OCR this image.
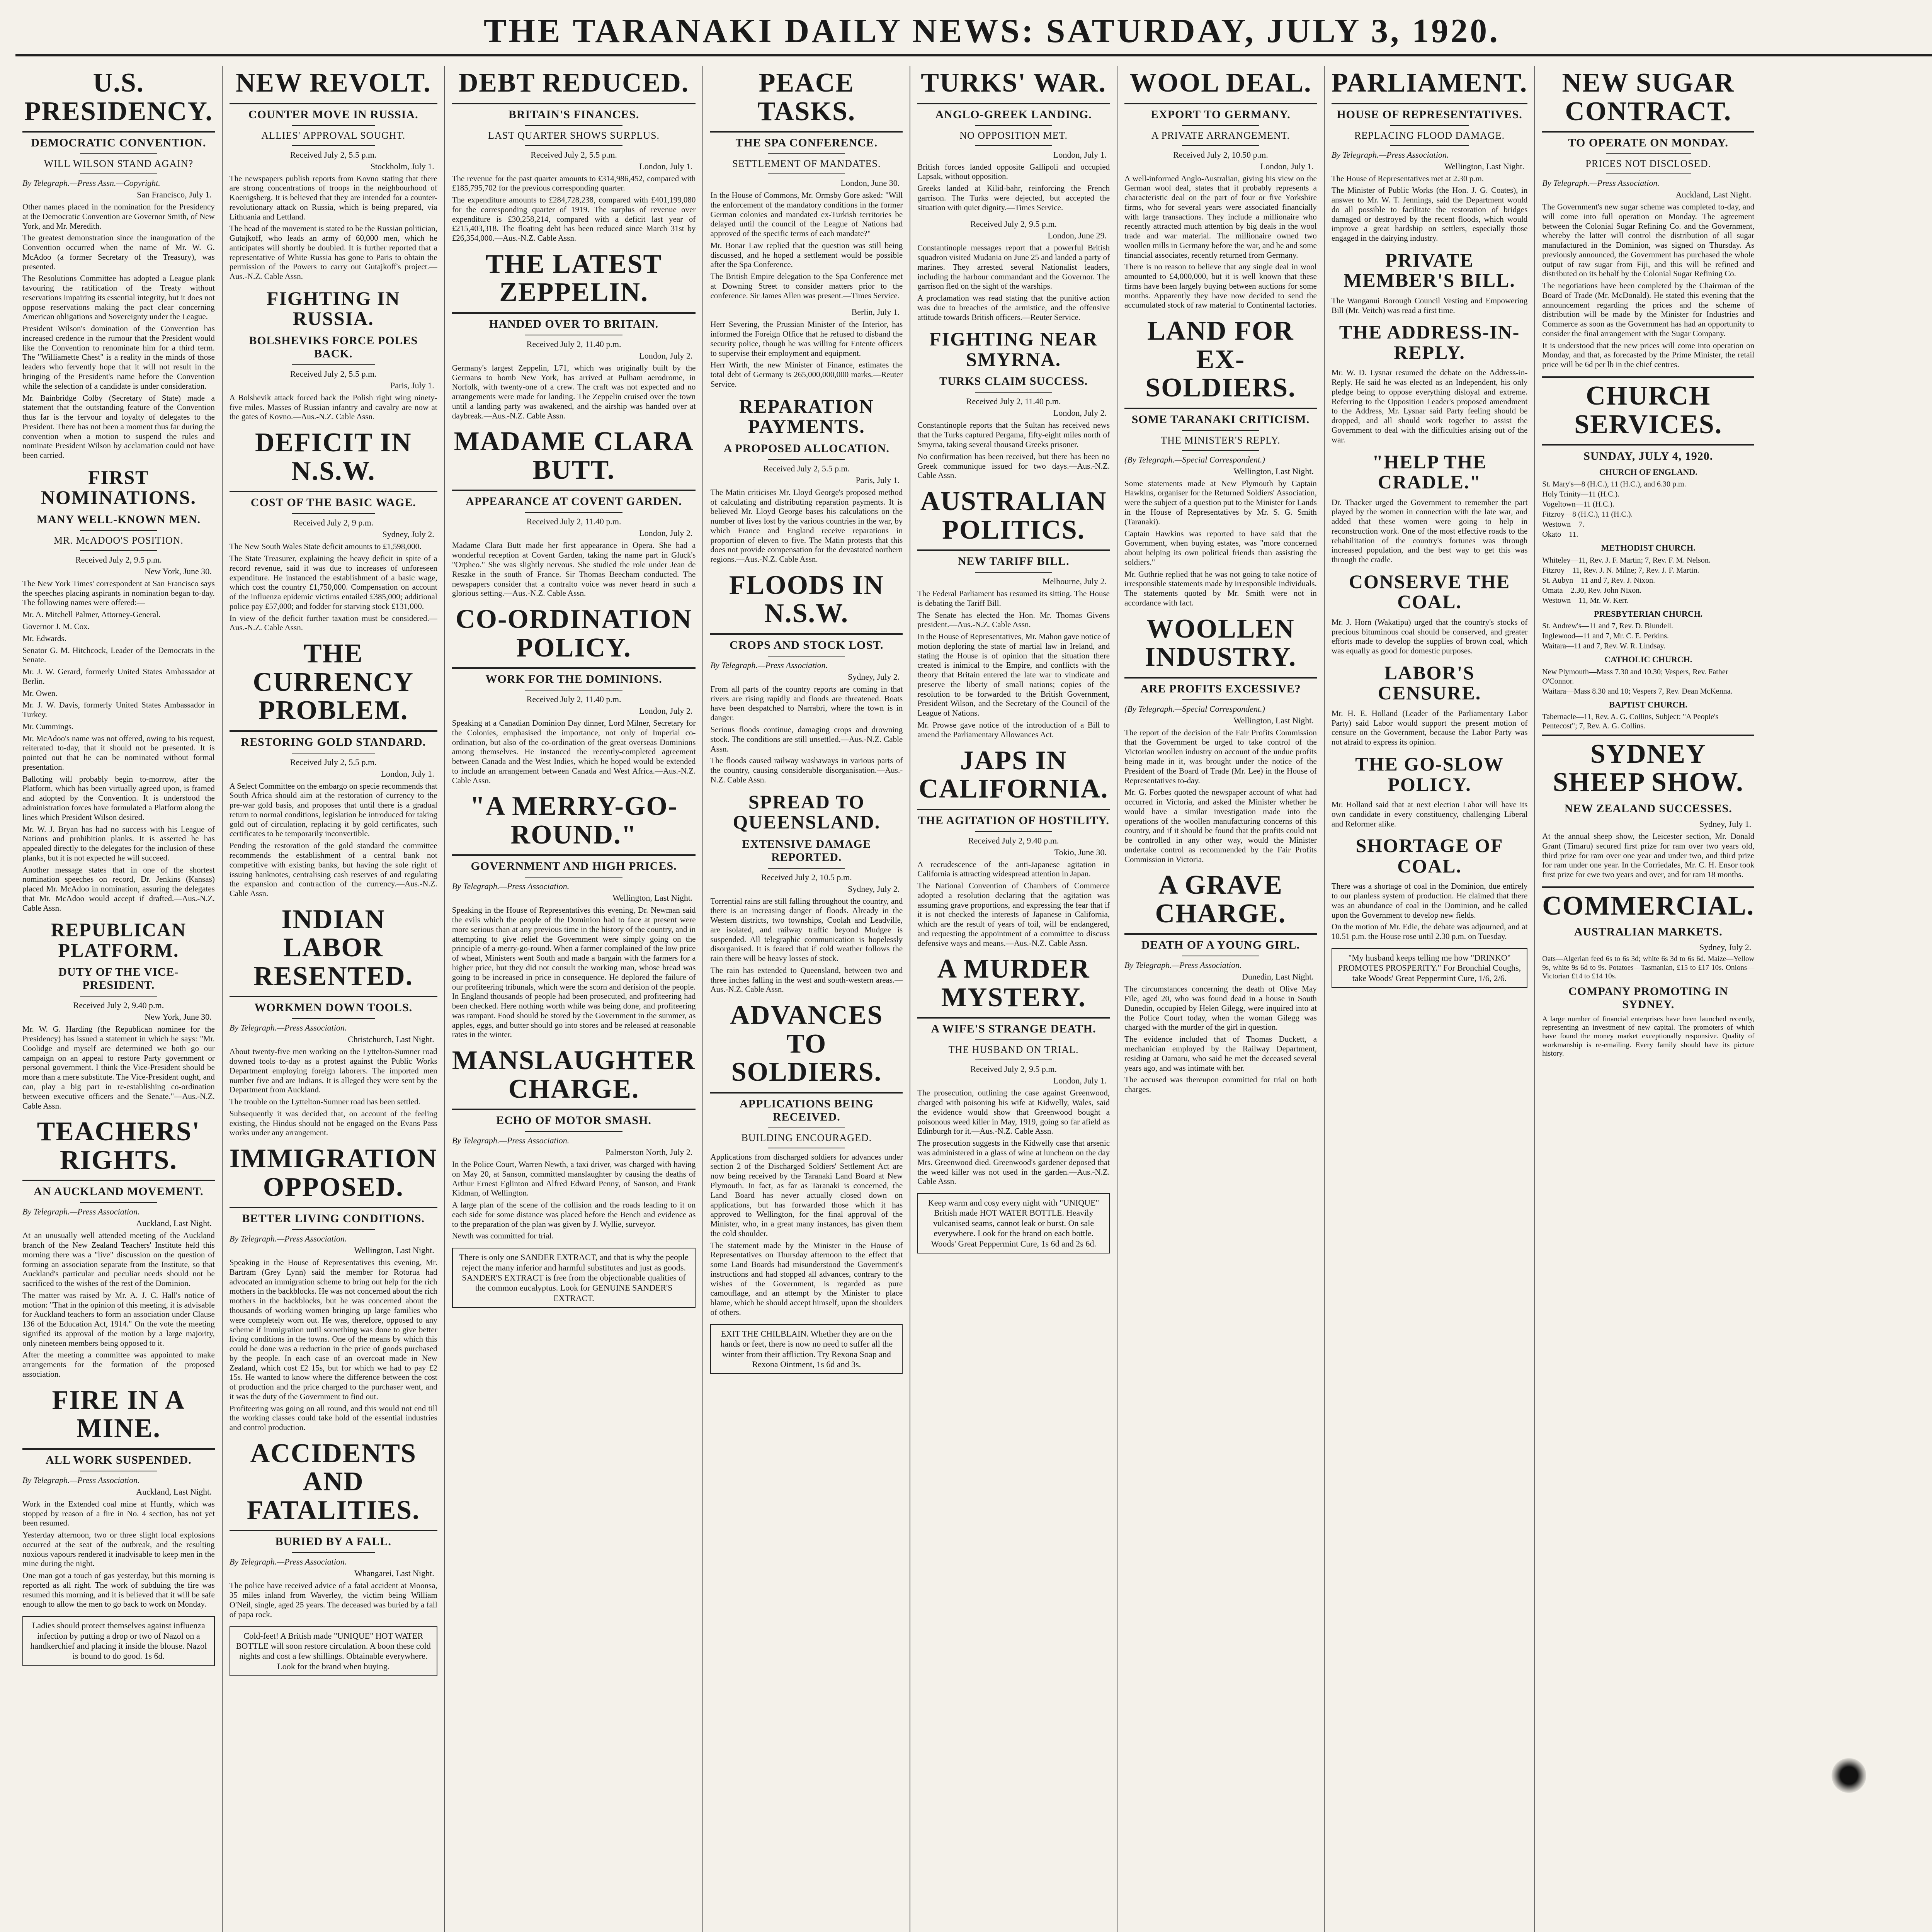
THE TARANAKI DAILY NEWS: SATURDAY, JULY 3, 1920.
U.S. PRESIDENCY.
DEMOCRATIC CONVENTION.
WILL WILSON STAND AGAIN?
By Telegraph.—Press Assn.—Copyright.
San Francisco, July 1.

Other names placed in the nomination for the Presidency at the Democratic Convention are Governor Smith, of New York, and Mr. Meredith.

The greatest demonstration since the inauguration of the Convention occurred when the name of Mr. W. G. McAdoo (a former Secretary of the Treasury), was presented.

The Resolutions Committee has adopted a League plank favouring the ratification of the Treaty without reservations impairing its essential integrity, but it does not oppose reservations making the pact clear concerning American obligations and Sovereignty under the League.

President Wilson's domination of the Convention has increased credence in the rumour that the President would like the Convention to renominate him for a third term. The "Williamette Chest" is a reality in the minds of those leaders who fervently hope that it will not result in the bringing of the President's name before the Convention while the selection of a candidate is under consideration.

Mr. Bainbridge Colby (Secretary of State) made a statement that the outstanding feature of the Convention thus far is the fervour and loyalty of delegates to the President. There has not been a moment thus far during the convention when a motion to suspend the rules and nominate President Wilson by acclamation could not have been carried.

FIRST NOMINATIONS.
MANY WELL-KNOWN MEN.
MR. McADOO'S POSITION.
Received July 2, 9.5 p.m.
New York, June 30.

The New York Times' correspondent at San Francisco says the speeches placing aspirants in nomination began to-day. The following names were offered:—

Mr. A. Mitchell Palmer, Attorney-General.

Governor J. M. Cox.

Mr. Edwards.

Senator G. M. Hitchcock, Leader of the Democrats in the Senate.

Mr. J. W. Gerard, formerly United States Ambassador at Berlin.

Mr. Owen.

Mr. J. W. Davis, formerly United States Ambassador in Turkey.

Mr. Cummings.

Mr. McAdoo's name was not offered, owing to his request, reiterated to-day, that it should not be presented. It is pointed out that he can be nominated without formal presentation.

Balloting will probably begin to-morrow, after the Platform, which has been virtually agreed upon, is framed and adopted by the Convention. It is understood the administration forces have formulated a Platform along the lines which President Wilson desired.

Mr. W. J. Bryan has had no success with his League of Nations and prohibition planks. It is asserted he has appealed directly to the delegates for the inclusion of these planks, but it is not expected he will succeed.

Another message states that in one of the shortest nomination speeches on record, Dr. Jenkins (Kansas) placed Mr. McAdoo in nomination, assuring the delegates that Mr. McAdoo would accept if drafted.—Aus.-N.Z. Cable Assn.

REPUBLICAN PLATFORM.
DUTY OF THE VICE-PRESIDENT.
Received July 2, 9.40 p.m.
New York, June 30.

Mr. W. G. Harding (the Republican nominee for the Presidency) has issued a statement in which he says: "Mr. Coolidge and myself are determined we both go our campaign on an appeal to restore Party government or personal government. I think the Vice-President should be more than a mere substitute. The Vice-President ought, and can, play a big part in re-establishing co-ordination between executive officers and the Senate."—Aus.-N.Z. Cable Assn.

TEACHERS' RIGHTS.
AN AUCKLAND MOVEMENT.
By Telegraph.—Press Association.
Auckland, Last Night.

At an unusually well attended meeting of the Auckland branch of the New Zealand Teachers' Institute held this morning there was a "live" discussion on the question of forming an association separate from the Institute, so that Auckland's particular and peculiar needs should not be sacrificed to the wishes of the rest of the Dominion.

The matter was raised by Mr. A. J. C. Hall's notice of motion: "That in the opinion of this meeting, it is advisable for Auckland teachers to form an association under Clause 136 of the Education Act, 1914." On the vote the meeting signified its approval of the motion by a large majority, only nineteen members being opposed to it.

After the meeting a committee was appointed to make arrangements for the formation of the proposed association.

FIRE IN A MINE.
ALL WORK SUSPENDED.
By Telegraph.—Press Association.
Auckland, Last Night.

Work in the Extended coal mine at Huntly, which was stopped by reason of a fire in No. 4 section, has not yet been resumed.

Yesterday afternoon, two or three slight local explosions occurred at the seat of the outbreak, and the resulting noxious vapours rendered it inadvisable to keep men in the mine during the night.

One man got a touch of gas yesterday, but this morning is reported as all right. The work of subduing the fire was resumed this morning, and it is believed that it will be safe enough to allow the men to go back to work on Monday.

Ladies should protect themselves against influenza infection by putting a drop or two of Nazol on a handkerchief and placing it inside the blouse. Nazol is bound to do good. 1s 6d.
NEW REVOLT.
COUNTER MOVE IN RUSSIA.
ALLIES' APPROVAL SOUGHT.
Received July 2, 5.5 p.m.
Stockholm, July 1.

The newspapers publish reports from Kovno stating that there are strong concentrations of troops in the neighbourhood of Koenigsberg. It is believed that they are intended for a counter-revolutionary attack on Russia, which is being prepared, via Lithuania and Lettland.

The head of the movement is stated to be the Russian politician, Gutajkoff, who leads an army of 60,000 men, which he anticipates will shortly be doubled. It is further reported that a representative of White Russia has gone to Paris to obtain the permission of the Powers to carry out Gutajkoff's project.—Aus.-N.Z. Cable Assn.

FIGHTING IN RUSSIA.
BOLSHEVIKS FORCE POLES BACK.
Received July 2, 5.5 p.m.
Paris, July 1.

A Bolshevik attack forced back the Polish right wing ninety-five miles. Masses of Russian infantry and cavalry are now at the gates of Kovno.—Aus.-N.Z. Cable Assn.

DEFICIT IN N.S.W.
COST OF THE BASIC WAGE.
Received July 2, 9 p.m.
Sydney, July 2.

The New South Wales State deficit amounts to £1,598,000.

The State Treasurer, explaining the heavy deficit in spite of a record revenue, said it was due to increases of unforeseen expenditure. He instanced the establishment of a basic wage, which cost the country £1,750,000. Compensation on account of the influenza epidemic victims entailed £385,000; additional police pay £57,000; and fodder for starving stock £131,000.

In view of the deficit further taxation must be considered.—Aus.-N.Z. Cable Assn.

THE CURRENCY PROBLEM.
RESTORING GOLD STANDARD.
Received July 2, 5.5 p.m.
London, July 1.

A Select Committee on the embargo on specie recommends that South Africa should aim at the restoration of currency to the pre-war gold basis, and proposes that until there is a gradual return to normal conditions, legislation be introduced for taking gold out of circulation, replacing it by gold certificates, such certificates to be temporarily inconvertible.

Pending the restoration of the gold standard the committee recommends the establishment of a central bank not competitive with existing banks, but having the sole right of issuing banknotes, centralising cash reserves of and regulating the expansion and contraction of the currency.—Aus.-N.Z. Cable Assn.

INDIAN LABOR RESENTED.
WORKMEN DOWN TOOLS.
By Telegraph.—Press Association.
Christchurch, Last Night.

About twenty-five men working on the Lyttelton-Sumner road downed tools to-day as a protest against the Public Works Department employing foreign laborers. The imported men number five and are Indians. It is alleged they were sent by the Department from Auckland.

The trouble on the Lyttelton-Sumner road has been settled.

Subsequently it was decided that, on account of the feeling existing, the Hindus should not be engaged on the Evans Pass works under any arrangement.

IMMIGRATION OPPOSED.
BETTER LIVING CONDITIONS.
By Telegraph.—Press Association.
Wellington, Last Night.

Speaking in the House of Representatives this evening, Mr. Bartram (Grey Lynn) said the member for Rotorua had advocated an immigration scheme to bring out help for the rich mothers in the backblocks. He was not concerned about the rich mothers in the backblocks, but he was concerned about the thousands of working women bringing up large families who were completely worn out. He was, therefore, opposed to any scheme if immigration until something was done to give better living conditions in the towns. One of the means by which this could be done was a reduction in the price of goods purchased by the people. In each case of an overcoat made in New Zealand, which cost £2 15s, but for which we had to pay £2 15s. He wanted to know where the difference between the cost of production and the price charged to the purchaser went, and it was the duty of the Government to find out.

Profiteering was going on all round, and this would not end till the working classes could take hold of the essential industries and control production.

ACCIDENTS AND FATALITIES.
BURIED BY A FALL.
By Telegraph.—Press Association.
Whangarei, Last Night.

The police have received advice of a fatal accident at Moonsa, 35 miles inland from Waverley, the victim being William O'Neil, single, aged 25 years. The deceased was buried by a fall of papa rock.

Cold-feet! A British made "UNIQUE" HOT WATER BOTTLE will soon restore circulation. A boon these cold nights and cost a few shillings. Obtainable everywhere. Look for the brand when buying.
DEBT REDUCED.
BRITAIN'S FINANCES.
LAST QUARTER SHOWS SURPLUS.
Received July 2, 5.5 p.m.
London, July 1.

The revenue for the past quarter amounts to £314,986,452, compared with £185,795,702 for the previous corresponding quarter.

The expenditure amounts to £284,728,238, compared with £401,199,080 for the corresponding quarter of 1919. The surplus of revenue over expenditure is £30,258,214, compared with a deficit last year of £215,403,318. The floating debt has been reduced since March 31st by £26,354,000.—Aus.-N.Z. Cable Assn.

THE LATEST ZEPPELIN.
HANDED OVER TO BRITAIN.
Received July 2, 11.40 p.m.
London, July 2.

Germany's largest Zeppelin, L71, which was originally built by the Germans to bomb New York, has arrived at Pulham aerodrome, in Norfolk, with twenty-one of a crew. The craft was not expected and no arrangements were made for landing. The Zeppelin cruised over the town until a landing party was awakened, and the airship was handed over at daybreak.—Aus.-N.Z. Cable Assn.

MADAME CLARA BUTT.
APPEARANCE AT COVENT GARDEN.
Received July 2, 11.40 p.m.
London, July 2.

Madame Clara Butt made her first appearance in Opera. She had a wonderful reception at Covent Garden, taking the name part in Gluck's "Orpheo." She was slightly nervous. She studied the role under Jean de Reszke in the south of France. Sir Thomas Beecham conducted. The newspapers consider that a contralto voice was never heard in such a glorious setting.—Aus.-N.Z. Cable Assn.

CO-ORDINATION POLICY.
WORK FOR THE DOMINIONS.
Received July 2, 11.40 p.m.
London, July 2.

Speaking at a Canadian Dominion Day dinner, Lord Milner, Secretary for the Colonies, emphasised the importance, not only of Imperial co-ordination, but also of the co-ordination of the great overseas Dominions among themselves. He instanced the recently-completed agreement between Canada and the West Indies, which he hoped would be extended to include an arrangement between Canada and West Africa.—Aus.-N.Z. Cable Assn.

"A MERRY-GO-ROUND."
GOVERNMENT AND HIGH PRICES.
By Telegraph.—Press Association.
Wellington, Last Night.

Speaking in the House of Representatives this evening, Dr. Newman said the evils which the people of the Dominion had to face at present were more serious than at any previous time in the history of the country, and in attempting to give relief the Government were simply going on the principle of a merry-go-round. When a farmer complained of the low price of wheat, Ministers went South and made a bargain with the farmers for a higher price, but they did not consult the working man, whose bread was going to be increased in price in consequence. He deplored the failure of our profiteering tribunals, which were the scorn and derision of the people. In England thousands of people had been prosecuted, and profiteering had been checked. Here nothing worth while was being done, and profiteering was rampant. Food should be stored by the Government in the summer, as apples, eggs, and butter should go into stores and be released at reasonable rates in the winter.

MANSLAUGHTER CHARGE.
ECHO OF MOTOR SMASH.
By Telegraph.—Press Association.
Palmerston North, July 2.

In the Police Court, Warren Newth, a taxi driver, was charged with having on May 20, at Sanson, committed manslaughter by causing the deaths of Arthur Ernest Eglinton and Alfred Edward Penny, of Sanson, and Frank Kidman, of Wellington.

A large plan of the scene of the collision and the roads leading to it on each side for some distance was placed before the Bench and evidence as to the preparation of the plan was given by J. Wyllie, surveyor.

Newth was committed for trial.

There is only one SANDER EXTRACT, and that is why the people reject the many inferior and harmful substitutes and just as goods. SANDER'S EXTRACT is free from the objectionable qualities of the common eucalyptus. Look for GENUINE SANDER'S EXTRACT.
PEACE TASKS.
THE SPA CONFERENCE.
SETTLEMENT OF MANDATES.
London, June 30.

In the House of Commons, Mr. Ormsby Gore asked: "Will the enforcement of the mandatory conditions in the former German colonies and mandated ex-Turkish territories be delayed until the council of the League of Nations had approved of the specific terms of each mandate?"

Mr. Bonar Law replied that the question was still being discussed, and he hoped a settlement would be possible after the Spa Conference.

The British Empire delegation to the Spa Conference met at Downing Street to consider matters prior to the conference. Sir James Allen was present.—Times Service.

Berlin, July 1.

Herr Severing, the Prussian Minister of the Interior, has informed the Foreign Office that he refused to disband the security police, though he was willing for Entente officers to supervise their employment and equipment.

Herr Wirth, the new Minister of Finance, estimates the total debt of Germany is 265,000,000,000 marks.—Reuter Service.

REPARATION PAYMENTS.
A PROPOSED ALLOCATION.
Received July 2, 5.5 p.m.
Paris, July 1.

The Matin criticises Mr. Lloyd George's proposed method of calculating and distributing reparation payments. It is believed Mr. Lloyd George bases his calculations on the number of lives lost by the various countries in the war, by which France and England receive reparations in proportion of eleven to five. The Matin protests that this does not provide compensation for the devastated northern regions.—Aus.-N.Z. Cable Assn.

FLOODS IN N.S.W.
CROPS AND STOCK LOST.
By Telegraph.—Press Association.
Sydney, July 2.

From all parts of the country reports are coming in that rivers are rising rapidly and floods are threatened. Boats have been despatched to Narrabri, where the town is in danger.

Serious floods continue, damaging crops and drowning stock. The conditions are still unsettled.—Aus.-N.Z. Cable Assn.

The floods caused railway washaways in various parts of the country, causing considerable disorganisation.—Aus.-N.Z. Cable Assn.

SPREAD TO QUEENSLAND.
EXTENSIVE DAMAGE REPORTED.
Received July 2, 10.5 p.m.
Sydney, July 2.

Torrential rains are still falling throughout the country, and there is an increasing danger of floods. Already in the Western districts, two townships, Coolah and Leadville, are isolated, and railway traffic beyond Mudgee is suspended. All telegraphic communication is hopelessly disorganised. It is feared that if cold weather follows the rain there will be heavy losses of stock.

The rain has extended to Queensland, between two and three inches falling in the west and south-western areas.—Aus.-N.Z. Cable Assn.

ADVANCES TO SOLDIERS.
APPLICATIONS BEING RECEIVED.
BUILDING ENCOURAGED.

Applications from discharged soldiers for advances under section 2 of the Discharged Soldiers' Settlement Act are now being received by the Taranaki Land Board at New Plymouth. In fact, as far as Taranaki is concerned, the Land Board has never actually closed down on applications, but has forwarded those which it has approved to Wellington, for the final approval of the Minister, who, in a great many instances, has given them the cold shoulder.

The statement made by the Minister in the House of Representatives on Thursday afternoon to the effect that some Land Boards had misunderstood the Government's instructions and had stopped all advances, contrary to the wishes of the Government, is regarded as pure camouflage, and an attempt by the Minister to place blame, which he should accept himself, upon the shoulders of others.

EXIT THE CHILBLAIN. Whether they are on the hands or feet, there is now no need to suffer all the winter from their affliction. Try Rexona Soap and Rexona Ointment, 1s 6d and 3s.
TURKS' WAR.
ANGLO-GREEK LANDING.
NO OPPOSITION MET.
London, July 1.

British forces landed opposite Gallipoli and occupied Lapsak, without opposition.

Greeks landed at Kilid-bahr, reinforcing the French garrison. The Turks were dejected, but accepted the situation with quiet dignity.—Times Service.

Received July 2, 9.5 p.m.
London, June 29.

Constantinople messages report that a powerful British squadron visited Mudania on June 25 and landed a party of marines. They arrested several Nationalist leaders, including the harbour commandant and the Governor. The garrison fled on the sight of the warships.

A proclamation was read stating that the punitive action was due to breaches of the armistice, and the offensive attitude towards British officers.—Reuter Service.

FIGHTING NEAR SMYRNA.
TURKS CLAIM SUCCESS.
Received July 2, 11.40 p.m.
London, July 2.

Constantinople reports that the Sultan has received news that the Turks captured Pergama, fifty-eight miles north of Smyrna, taking several thousand Greeks prisoner.

No confirmation has been received, but there has been no Greek communique issued for two days.—Aus.-N.Z. Cable Assn.

AUSTRALIAN POLITICS.
NEW TARIFF BILL.
Melbourne, July 2.

The Federal Parliament has resumed its sitting. The House is debating the Tariff Bill.

The Senate has elected the Hon. Mr. Thomas Givens president.—Aus.-N.Z. Cable Assn.

In the House of Representatives, Mr. Mahon gave notice of motion deploring the state of martial law in Ireland, and stating the House is of opinion that the situation there created is inimical to the Empire, and conflicts with the theory that Britain entered the late war to vindicate and preserve the liberty of small nations; copies of the resolution to be forwarded to the British Government, President Wilson, and the Secretary of the Council of the League of Nations.

Mr. Prowse gave notice of the introduction of a Bill to amend the Parliamentary Allowances Act.

JAPS IN CALIFORNIA.
THE AGITATION OF HOSTILITY.
Received July 2, 9.40 p.m.
Tokio, June 30.

A recrudescence of the anti-Japanese agitation in California is attracting widespread attention in Japan.

The National Convention of Chambers of Commerce adopted a resolution declaring that the agitation was assuming grave proportions, and expressing the fear that if it is not checked the interests of Japanese in California, which are the result of years of toil, will be endangered, and requesting the appointment of a committee to discuss defensive ways and means.—Aus.-N.Z. Cable Assn.

A MURDER MYSTERY.
A WIFE'S STRANGE DEATH.
THE HUSBAND ON TRIAL.
Received July 2, 9.5 p.m.
London, July 1.

The prosecution, outlining the case against Greenwood, charged with poisoning his wife at Kidwelly, Wales, said the evidence would show that Greenwood bought a poisonous weed killer in May, 1919, going so far afield as Edinburgh for it.—Aus.-N.Z. Cable Assn.

The prosecution suggests in the Kidwelly case that arsenic was administered in a glass of wine at luncheon on the day Mrs. Greenwood died. Greenwood's gardener deposed that the weed killer was not used in the garden.—Aus.-N.Z. Cable Assn.

Keep warm and cosy every night with "UNIQUE" British made HOT WATER BOTTLE. Heavily vulcanised seams, cannot leak or burst. On sale everywhere. Look for the brand on each bottle. Woods' Great Peppermint Cure, 1s 6d and 2s 6d.
WOOL DEAL.
EXPORT TO GERMANY.
A PRIVATE ARRANGEMENT.
Received July 2, 10.50 p.m.
London, July 1.

A well-informed Anglo-Australian, giving his view on the German wool deal, states that it probably represents a characteristic deal on the part of four or five Yorkshire firms, who for several years were associated financially with large transactions. They include a millionaire who recently attracted much attention by big deals in the wool trade and war material. The millionaire owned two woollen mills in Germany before the war, and he and some financial associates, recently returned from Germany.

There is no reason to believe that any single deal in wool amounted to £4,000,000, but it is well known that these firms have been largely buying between auctions for some months. Apparently they have now decided to send the accumulated stock of raw material to Continental factories.

LAND FOR EX-SOLDIERS.
SOME TARANAKI CRITICISM.
THE MINISTER'S REPLY.
(By Telegraph.—Special Correspondent.)
Wellington, Last Night.

Some statements made at New Plymouth by Captain Hawkins, organiser for the Returned Soldiers' Association, were the subject of a question put to the Minister for Lands in the House of Representatives by Mr. S. G. Smith (Taranaki).

Captain Hawkins was reported to have said that the Government, when buying estates, was "more concerned about helping its own political friends than assisting the soldiers."

Mr. Guthrie replied that he was not going to take notice of irresponsible statements made by irresponsible individuals. The statements quoted by Mr. Smith were not in accordance with fact.

WOOLLEN INDUSTRY.
ARE PROFITS EXCESSIVE?
(By Telegraph.—Special Correspondent.)
Wellington, Last Night.

The report of the decision of the Fair Profits Commission that the Government be urged to take control of the Victorian woollen industry on account of the undue profits being made in it, was brought under the notice of the President of the Board of Trade (Mr. Lee) in the House of Representatives to-day.

Mr. G. Forbes quoted the newspaper account of what had occurred in Victoria, and asked the Minister whether he would have a similar investigation made into the operations of the woollen manufacturing concerns of this country, and if it should be found that the profits could not be controlled in any other way, would the Minister undertake control as recommended by the Fair Profits Commission in Victoria.

A GRAVE CHARGE.
DEATH OF A YOUNG GIRL.
By Telegraph.—Press Association.
Dunedin, Last Night.

The circumstances concerning the death of Olive May File, aged 20, who was found dead in a house in South Dunedin, occupied by Helen Gilegg, were inquired into at the Police Court today, when the woman Gilegg was charged with the murder of the girl in question.

The evidence included that of Thomas Duckett, a mechanician employed by the Railway Department, residing at Oamaru, who said he met the deceased several years ago, and was intimate with her.

The accused was thereupon committed for trial on both charges.

PARLIAMENT.
HOUSE OF REPRESENTATIVES.
REPLACING FLOOD DAMAGE.
By Telegraph.—Press Association.
Wellington, Last Night.

The House of Representatives met at 2.30 p.m.

The Minister of Public Works (the Hon. J. G. Coates), in answer to Mr. W. T. Jennings, said the Department would do all possible to facilitate the restoration of bridges damaged or destroyed by the recent floods, which would improve a great hardship on settlers, especially those engaged in the dairying industry.

PRIVATE MEMBER'S BILL.

The Wanganui Borough Council Vesting and Empowering Bill (Mr. Veitch) was read a first time.

THE ADDRESS-IN-REPLY.

Mr. W. D. Lysnar resumed the debate on the Address-in-Reply. He said he was elected as an Independent, his only pledge being to oppose everything disloyal and extreme. Referring to the Opposition Leader's proposed amendment to the Address, Mr. Lysnar said Party feeling should be dropped, and all should work together to assist the Government to deal with the difficulties arising out of the war.

"HELP THE CRADLE."

Dr. Thacker urged the Government to remember the part played by the women in connection with the late war, and added that these women were going to help in reconstruction work. One of the most effective roads to the rehabilitation of the country's fortunes was through increased population, and the best way to get this was through the cradle.

CONSERVE THE COAL.

Mr. J. Horn (Wakatipu) urged that the country's stocks of precious bituminous coal should be conserved, and greater efforts made to develop the supplies of brown coal, which was equally as good for domestic purposes.

LABOR'S CENSURE.

Mr. H. E. Holland (Leader of the Parliamentary Labor Party) said Labor would support the present motion of censure on the Government, because the Labor Party was not afraid to express its opinion.

THE GO-SLOW POLICY.

Mr. Holland said that at next election Labor will have its own candidate in every constituency, challenging Liberal and Reformer alike.

SHORTAGE OF COAL.

There was a shortage of coal in the Dominion, due entirely to our planless system of production. He claimed that there was an abundance of coal in the Dominion, and he called upon the Government to develop new fields.

On the motion of Mr. Edie, the debate was adjourned, and at 10.51 p.m. the House rose until 2.30 p.m. on Tuesday.

"My husband keeps telling me how "DRINKO" PROMOTES PROSPERITY." For Bronchial Coughs, take Woods' Great Peppermint Cure, 1/6, 2/6.
NEW SUGAR CONTRACT.
TO OPERATE ON MONDAY.
PRICES NOT DISCLOSED.
By Telegraph.—Press Association.
Auckland, Last Night.

The Government's new sugar scheme was completed to-day, and will come into full operation on Monday. The agreement between the Colonial Sugar Refining Co. and the Government, whereby the latter will control the distribution of all sugar manufactured in the Dominion, was signed on Thursday. As previously announced, the Government has purchased the whole output of raw sugar from Fiji, and this will be refined and distributed on its behalf by the Colonial Sugar Refining Co.

The negotiations have been completed by the Chairman of the Board of Trade (Mr. McDonald). He stated this evening that the announcement regarding the prices and the scheme of distribution will be made by the Minister for Industries and Commerce as soon as the Government has had an opportunity to consider the final arrangement with the Sugar Company.

It is understood that the new prices will come into operation on Monday, and that, as forecasted by the Prime Minister, the retail price will be 6d per lb in the chief centres.

CHURCH SERVICES.
SUNDAY, JULY 4, 1920.
CHURCH OF ENGLAND.
St. Mary's—8 (H.C.), 11 (H.C.), and 6.30 p.m.
Holy Trinity—11 (H.C.).
Vogeltown—11 (H.C.).
Fitzroy—8 (H.C.), 11 (H.C.).
Westown—7.
Okato—11.
METHODIST CHURCH.
Whiteley—11, Rev. J. F. Martin; 7, Rev. F. M. Nelson.
Fitzroy—11, Rev. J. N. Milne; 7, Rev. J. F. Martin.
St. Aubyn—11 and 7, Rev. J. Nixon.
Omata—2.30, Rev. John Nixon.
Westown—11, Mr. W. Kerr.
PRESBYTERIAN CHURCH.
St. Andrew's—11 and 7, Rev. D. Blundell.
Inglewood—11 and 7, Mr. C. E. Perkins.
Waitara—11 and 7, Rev. W. R. Lindsay.
CATHOLIC CHURCH.
New Plymouth—Mass 7.30 and 10.30; Vespers, Rev. Father O'Connor.
Waitara—Mass 8.30 and 10; Vespers 7, Rev. Dean McKenna.
BAPTIST CHURCH.
Tabernacle—11, Rev. A. G. Collins, Subject: "A People's Pentecost"; 7, Rev. A. G. Collins.
SYDNEY SHEEP SHOW.
NEW ZEALAND SUCCESSES.
Sydney, July 1.

At the annual sheep show, the Leicester section, Mr. Donald Grant (Timaru) secured first prize for ram over two years old, third prize for ram over one year and under two, and third prize for ram under one year. In the Corriedales, Mr. C. H. Ensor took first prize for ewe two years and over, and for ram 18 months.

COMMERCIAL.
AUSTRALIAN MARKETS.
Sydney, July 2.

Oats—Algerian feed 6s to 6s 3d; white 6s 3d to 6s 6d. Maize—Yellow 9s, white 9s 6d to 9s. Potatoes—Tasmanian, £15 to £17 10s. Onions—Victorian £14 to £14 10s.

COMPANY PROMOTING IN SYDNEY.

A large number of financial enterprises have been launched recently, representing an investment of new capital. The promoters of which have found the money market exceptionally responsive. Quality of workmanship is re-emailing. Every family should have its picture history.
